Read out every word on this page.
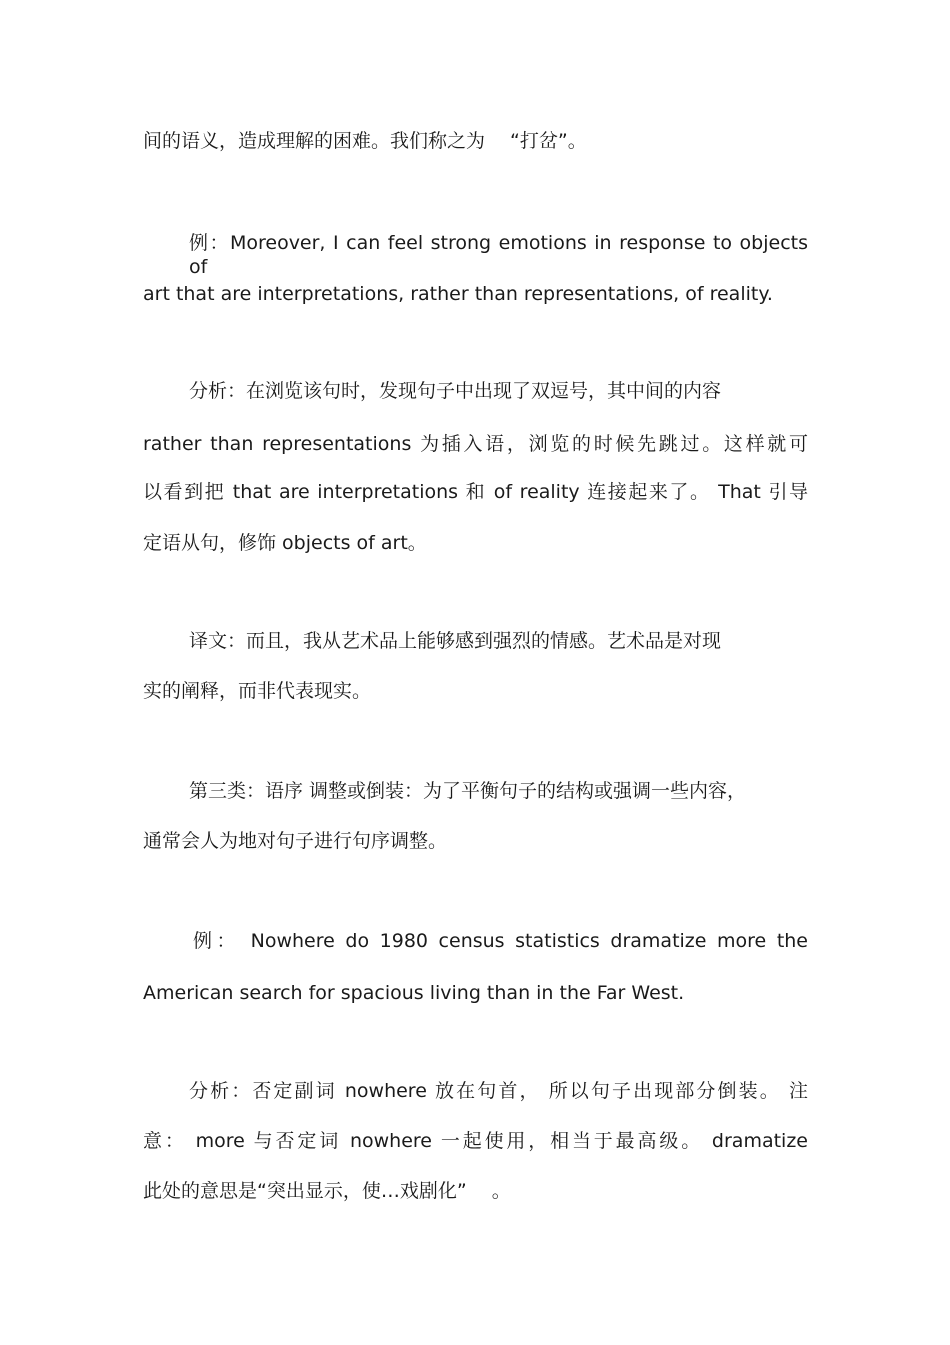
间的语义，造成理解的困难。我们称之为　 “打岔”。
例：Moreover, I can feel strong emotions in response to objects of
art that are interpretations, rather than representations, of reality.
分析：在浏览该句时，发现句子中出现了双逗号，其中间的内容
rather than representations 为插入语，浏览的时候先跳过。这样就可
以看到把 that are interpretations 和 of reality 连接起来了。 That 引导
定语从句，修饰 objects of art。
译文：而且，我从艺术品上能够感到强烈的情感。艺术品是对现
实的阐释，而非代表现实。
第三类：语序 调整或倒装：为了平衡句子的结构或强调一些内容，
通常会人为地对句子进行句序调整。
例： Nowhere do 1980 census statistics dramatize more the
American search for spacious living than in the Far West.
分析：否定副词 nowhere 放在句首， 所以句子出现部分倒装。 注
意： more 与否定词 nowhere 一起使用，相当于最高级。 dramatize
此处的意思是“突出显示，使…戏剧化”　 。
